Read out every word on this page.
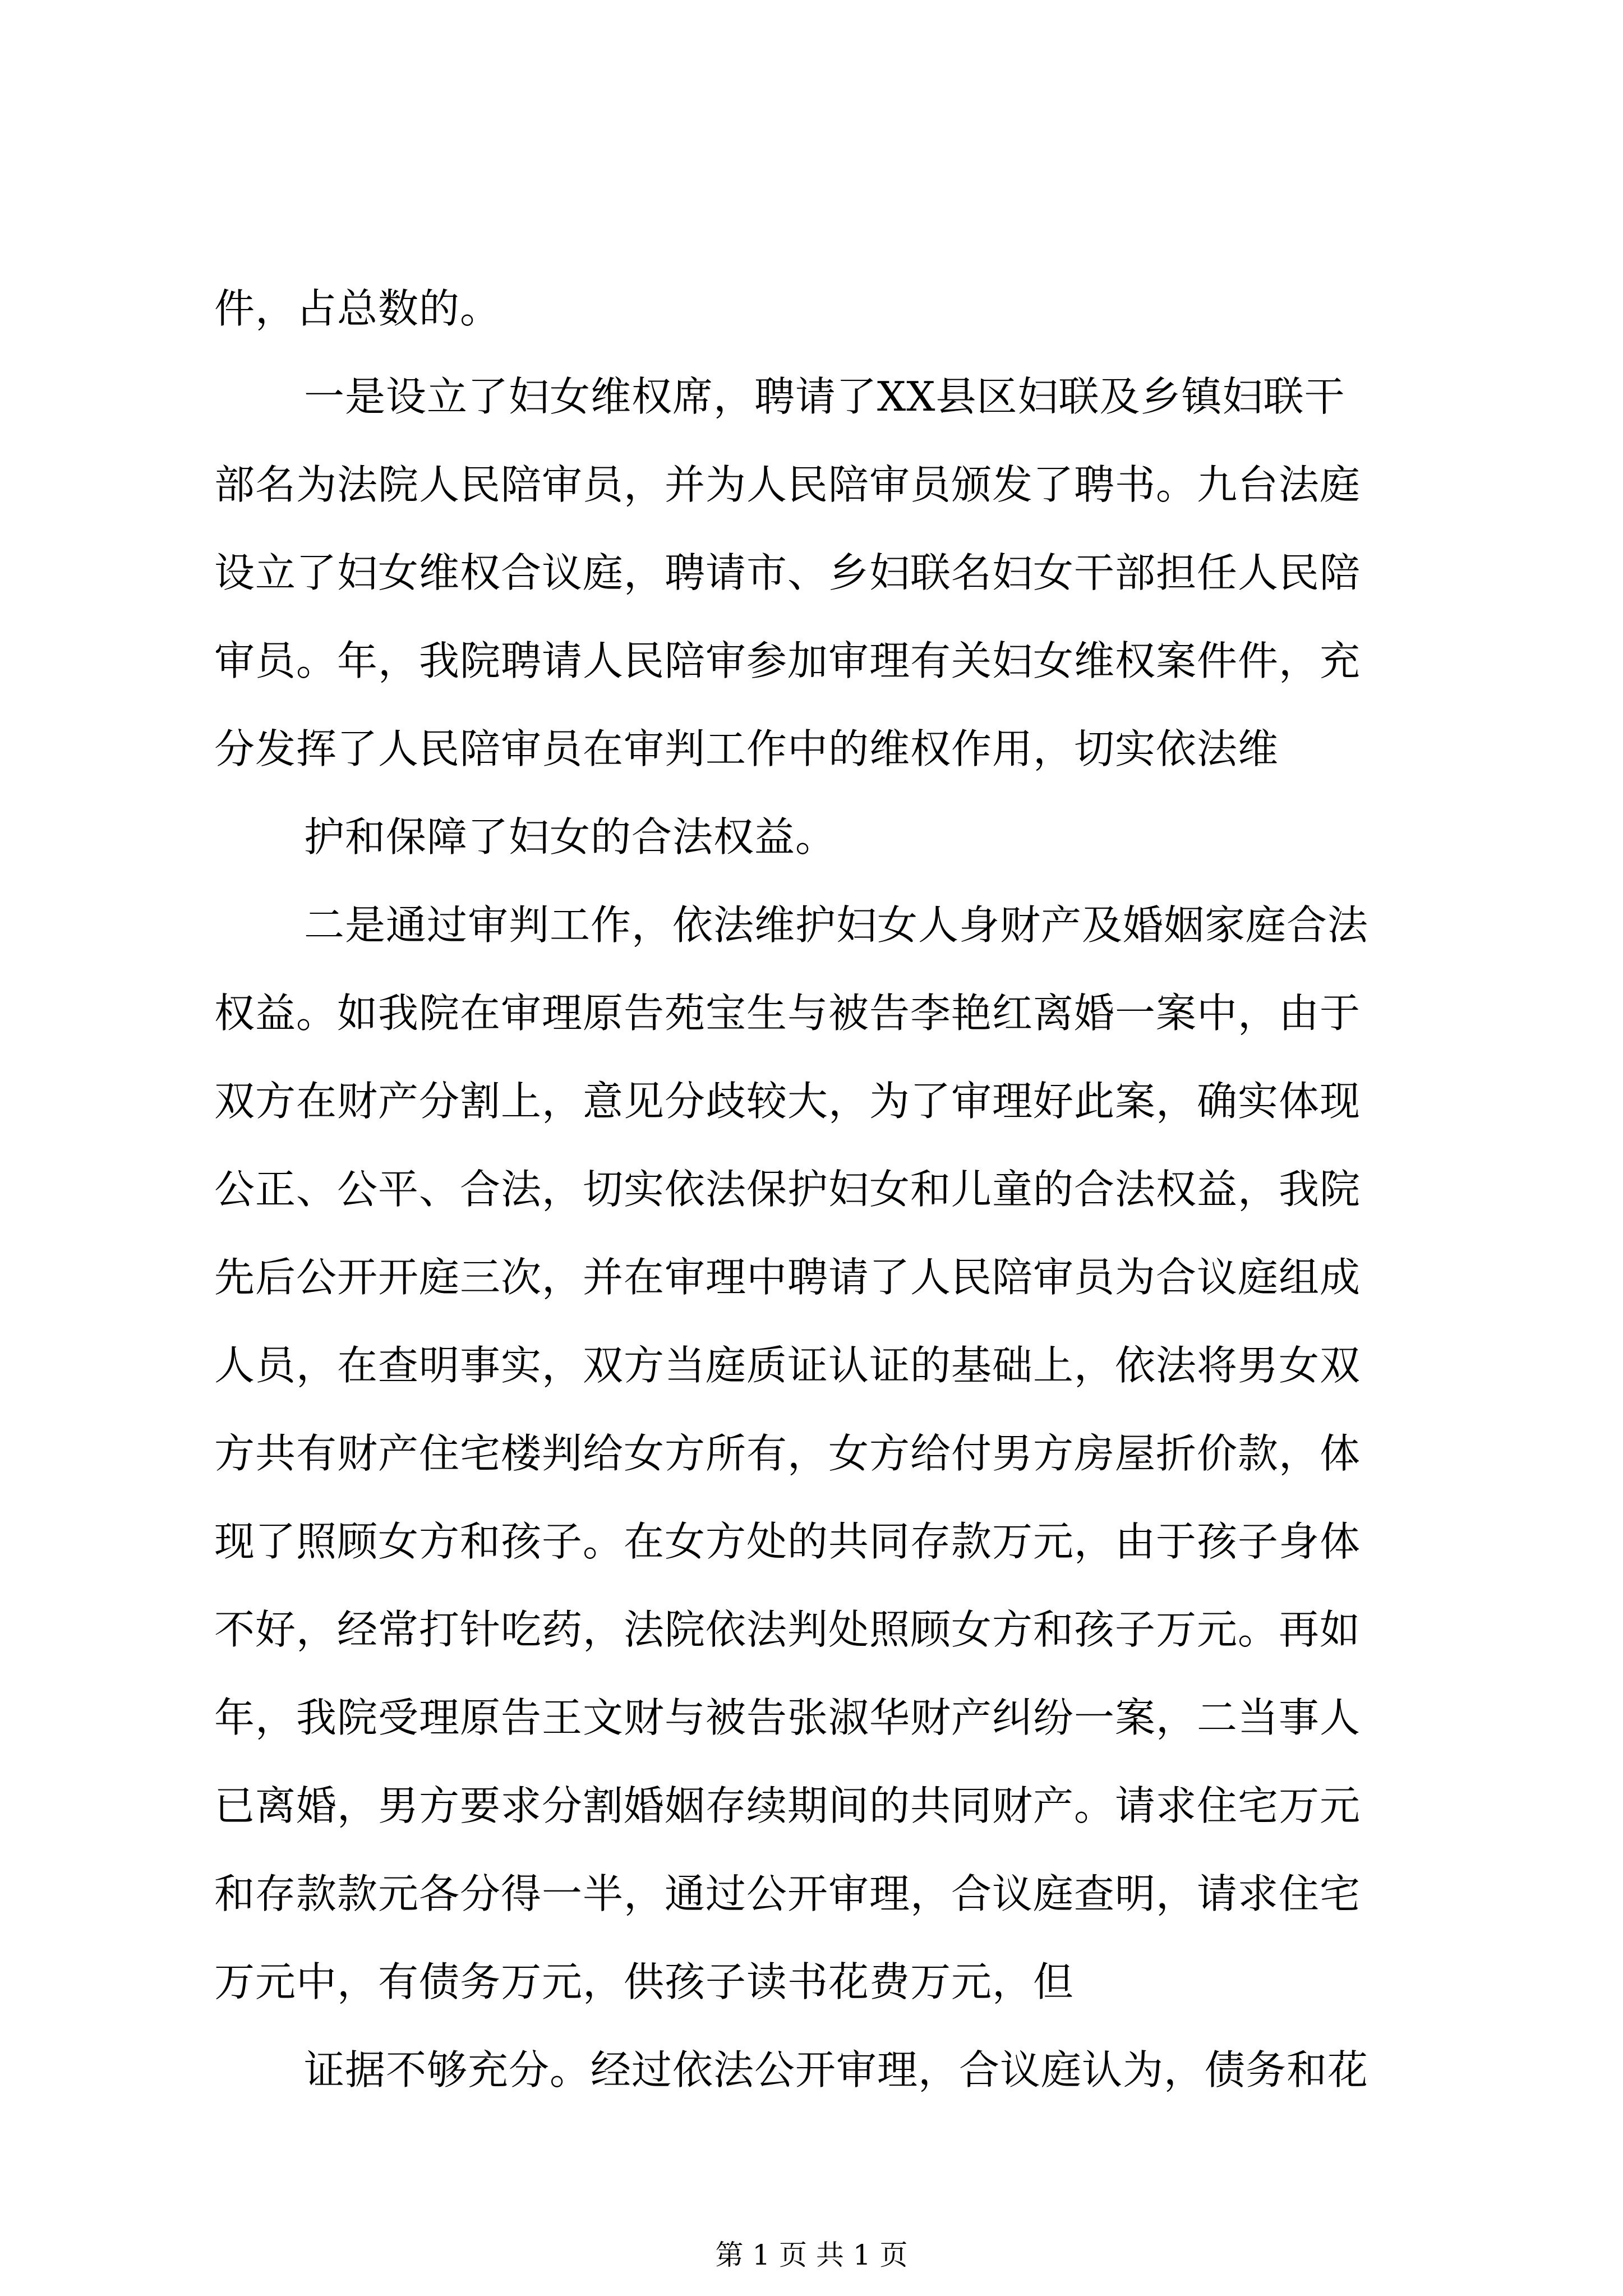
件，占总数的。
一是设立了妇女维权席，聘请了XX县区妇联及乡镇妇联干
部名为法院人民陪审员，并为人民陪审员颁发了聘书。九台法庭
设立了妇女维权合议庭，聘请市、乡妇联名妇女干部担任人民陪
审员。年，我院聘请人民陪审参加审理有关妇女维权案件件，充
分发挥了人民陪审员在审判工作中的维权作用，切实依法维
护和保障了妇女的合法权益。
二是通过审判工作，依法维护妇女人身财产及婚姻家庭合法
权益。如我院在审理原告苑宝生与被告李艳红离婚一案中，由于
双方在财产分割上，意见分歧较大，为了审理好此案，确实体现
公正、公平、合法，切实依法保护妇女和儿童的合法权益，我院
先后公开开庭三次，并在审理中聘请了人民陪审员为合议庭组成
人员，在查明事实，双方当庭质证认证的基础上，依法将男女双
方共有财产住宅楼判给女方所有，女方给付男方房屋折价款，体
现了照顾女方和孩子。在女方处的共同存款万元，由于孩子身体
不好，经常打针吃药，法院依法判处照顾女方和孩子万元。再如
年，我院受理原告王文财与被告张淑华财产纠纷一案，二当事人
已离婚，男方要求分割婚姻存续期间的共同财产。请求住宅万元
和存款款元各分得一半，通过公开审理，合议庭查明，请求住宅
万元中，有债务万元，供孩子读书花费万元，但
第 1 页 共 1 页
证据不够充分。经过依法公开审理，合议庭认为，债务和花
